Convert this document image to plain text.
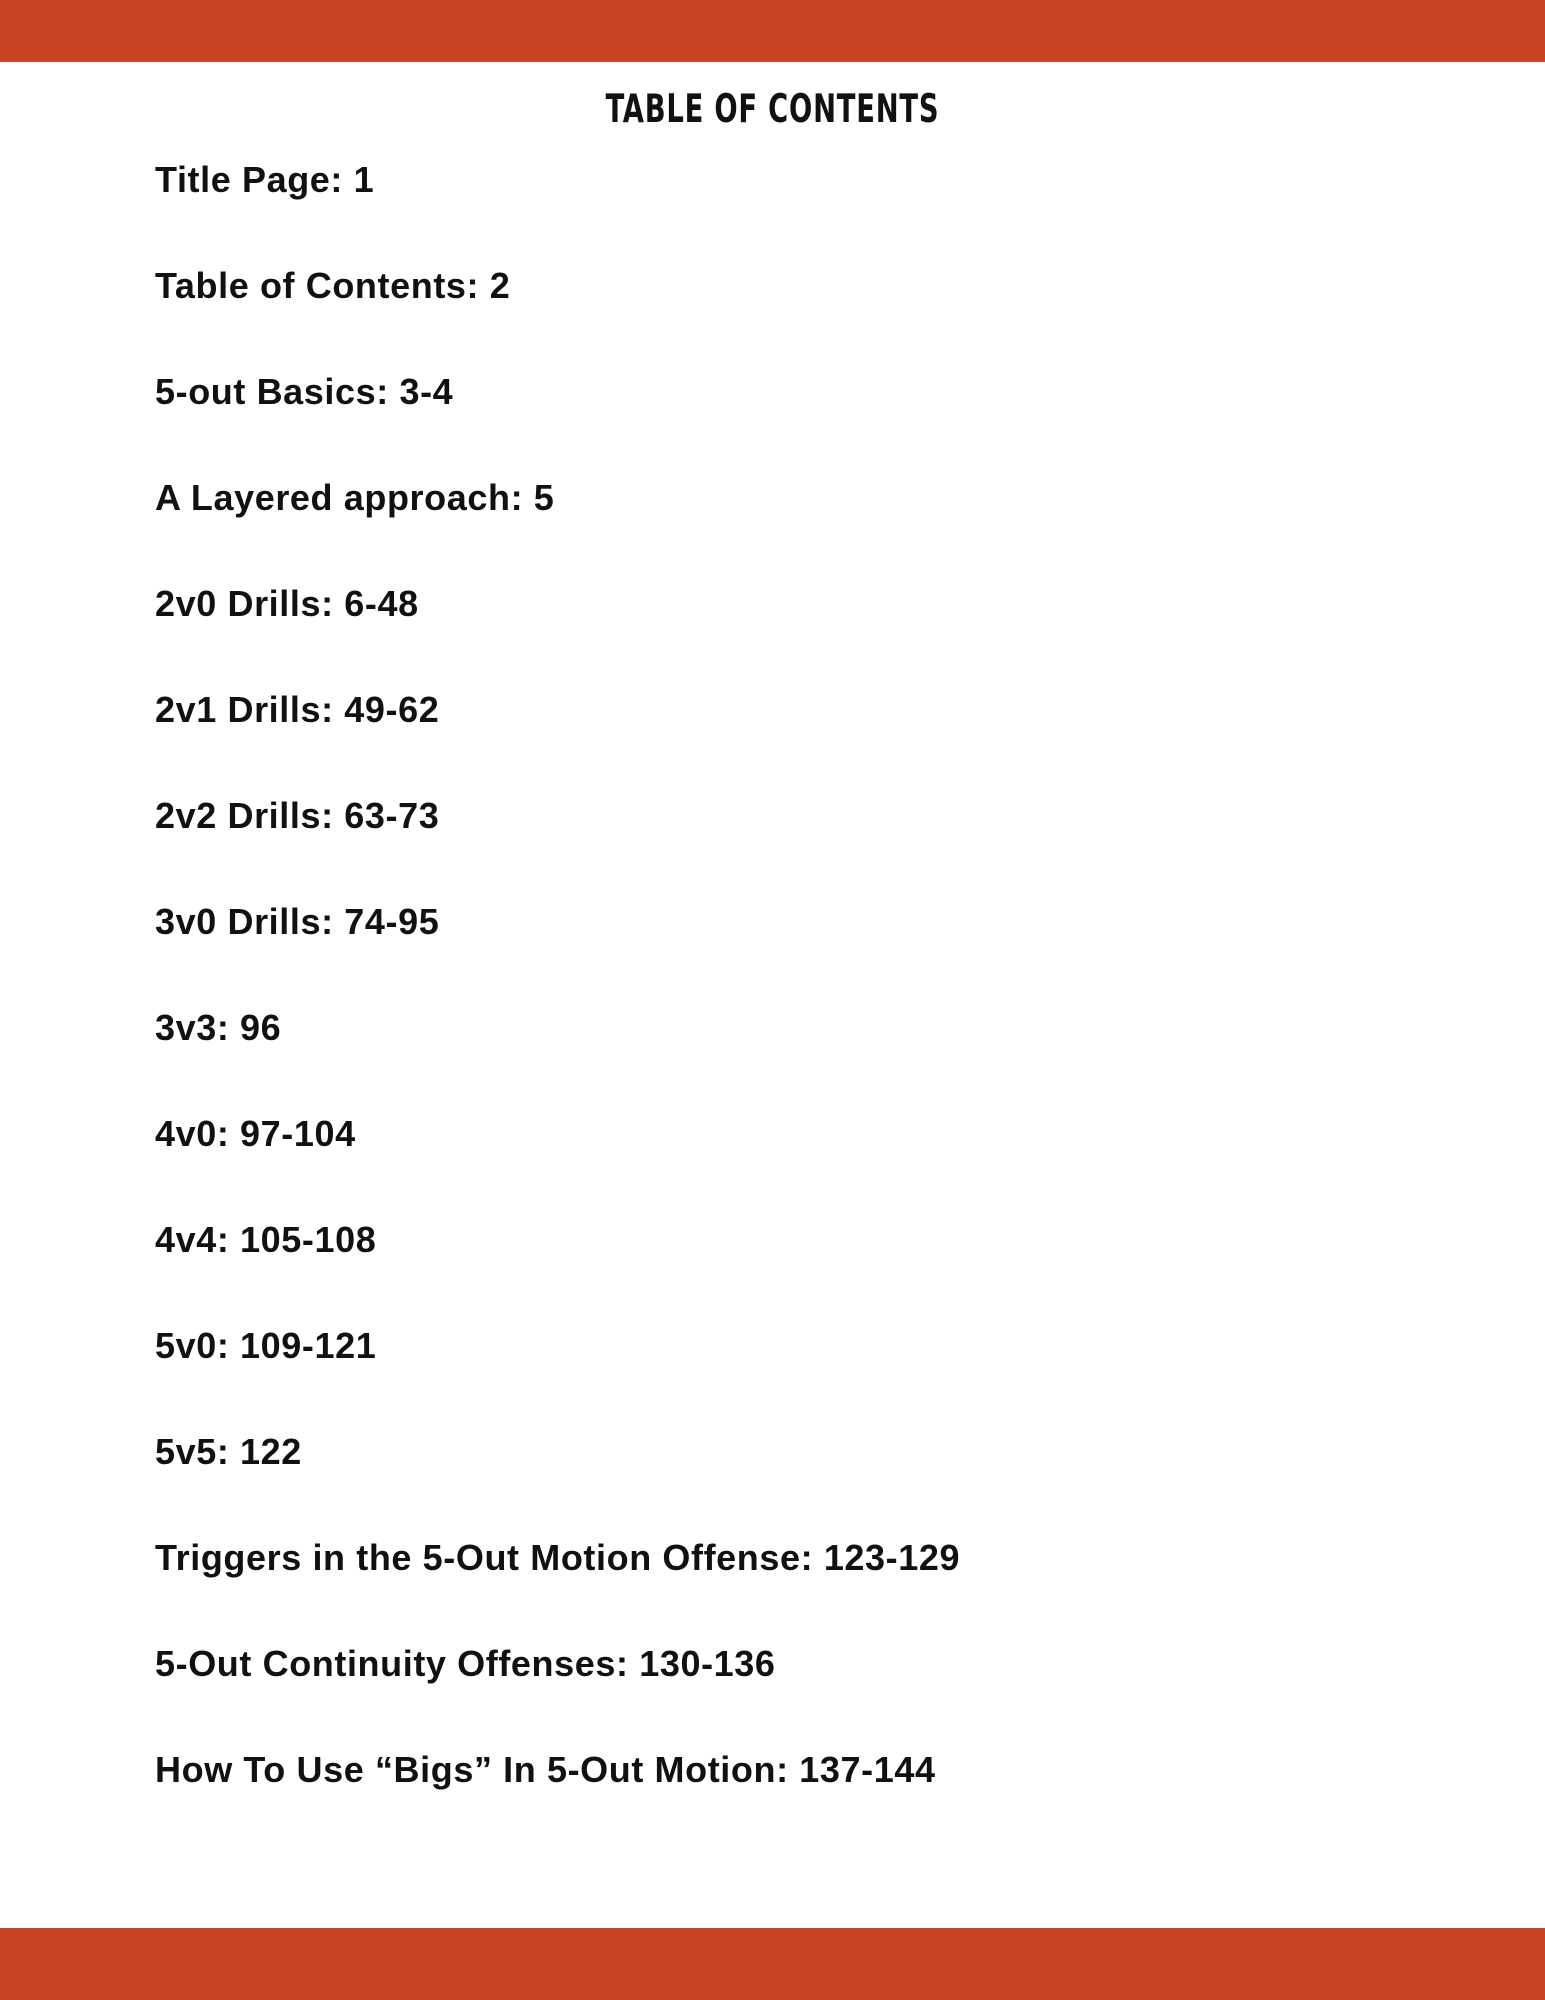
TABLE OF CONTENTS
Title Page: 1
Table of Contents: 2
5-out Basics: 3-4
A Layered approach: 5
2v0 Drills: 6-48
2v1 Drills: 49-62
2v2 Drills: 63-73
3v0 Drills: 74-95
3v3: 96
4v0: 97-104
4v4: 105-108
5v0: 109-121
5v5: 122
Triggers in the 5-Out Motion Offense: 123-129
5-Out Continuity Offenses: 130-136
How To Use “Bigs” In 5-Out Motion: 137-144
